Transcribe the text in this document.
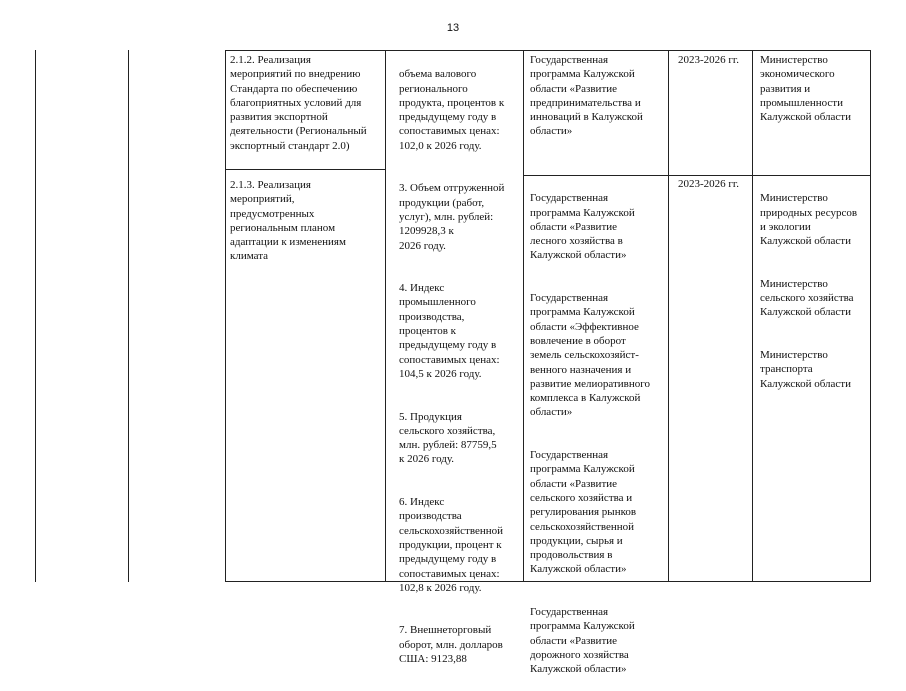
13
2.1.2. Реализация
мероприятий по внедрению
Стандарта по обеспечению
благоприятных условий для
развития экспортной
деятельности (Региональный
экспортный стандарт 2.0)
Государственная
программа Калужской
области «Развитие
предпринимательства и
инноваций в Калужской
области»
2023-2026 гг.	Министерство
экономического
развития и
промышленности
Калужской области
2.1.3. Реализация
мероприятий,
предусмотренных
региональным планом
адаптации к изменениям
климата

Государственная
программа Калужской
области «Развитие
лесного хозяйства в
Калужской области»

Государственная
программа Калужской
области «Эффективное
вовлечение в оборот
земель сельскохозяйст-
венного назначения и
развитие мелиоративного
комплекса в Калужской
области»

Государственная
программа Калужской
области «Развитие
сельского хозяйства и
регулирования рынков
сельскохозяйственной
продукции, сырья и
продовольствия в
Калужской области»

Государственная
программа Калужской
области «Развитие
дорожного хозяйства
Калужской области»

2023-2026 гг.

Министерство
природных ресурсов
и экологии
Калужской области

Министерство
сельского хозяйства
Калужской области

Министерство
транспорта
Калужской области

объема валового
регионального
продукта, процентов к
предыдущему году в
сопоставимых ценах:
102,0 к 2026 году.

3. Объем отгруженной
продукции (работ,
услуг), млн. рублей:
1209928,3 к
2026 году.

4. Индекс
промышленного
производства,
процентов к
предыдущему году в
сопоставимых ценах:
104,5 к 2026 году.

5. Продукция
сельского хозяйства,
млн. рублей: 87759,5
к 2026 году.

6. Индекс
производства
сельскохозяйственной
продукции, процент к
предыдущему году в
сопоставимых ценах:
102,8 к 2026 году.

7. Внешнеторговый
оборот, млн. долларов
США: 9123,88
